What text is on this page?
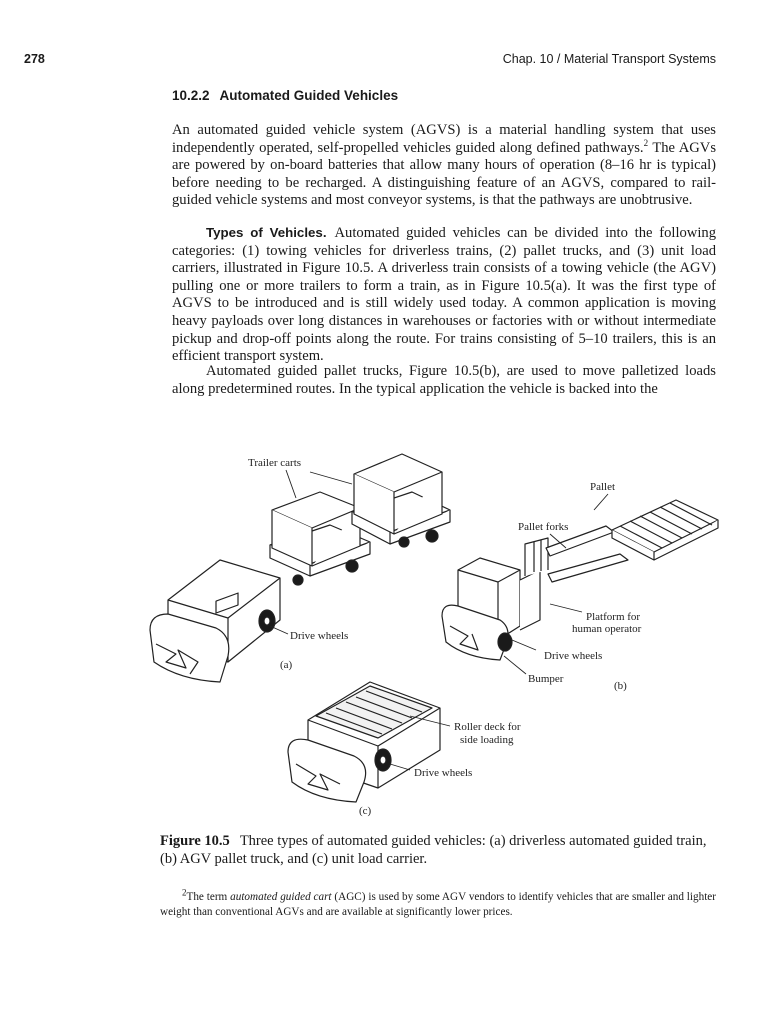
278	Chap. 10 / Material Transport Systems
10.2.2 Automated Guided Vehicles
An automated guided vehicle system (AGVS) is a material handling system that uses independently operated, self-propelled vehicles guided along defined pathways.$^2$ The AGVs are powered by on-board batteries that allow many hours of operation (8–16 hr is typical) before needing to be recharged. A distinguishing feature of an AGVS, compared to rail-guided vehicle systems and most conveyor systems, is that the pathways are unobtrusive.
Types of Vehicles. Automated guided vehicles can be divided into the following categories: (1) towing vehicles for driverless trains, (2) pallet trucks, and (3) unit load carriers, illustrated in Figure 10.5. A driverless train consists of a towing vehicle (the AGV) pulling one or more trailers to form a train, as in Figure 10.5(a). It was the first type of AGVS to be introduced and is still widely used today. A common application is moving heavy payloads over long distances in warehouses or factories with or without intermediate pickup and drop-off points along the route. For trains consisting of 5–10 trailers, this is an efficient transport system.
Automated guided pallet trucks, Figure 10.5(b), are used to move palletized loads along predetermined routes. In the typical application the vehicle is backed into the
Trailer carts
Pallet
Pallet forks
Platform for
human operator
Drive wheels
Drive wheels
Bumper
Roller deck for
side loading
Drive wheels
(a)
(b)
(c)
Figure 10.5 Three types of automated guided vehicles: (a) driverless automated guided train, (b) AGV pallet truck, and (c) unit load carrier.
$^2$The term automated guided cart (AGC) is used by some AGV vendors to identify vehicles that are smaller and lighter weight than conventional AGVs and are available at significantly lower prices.
